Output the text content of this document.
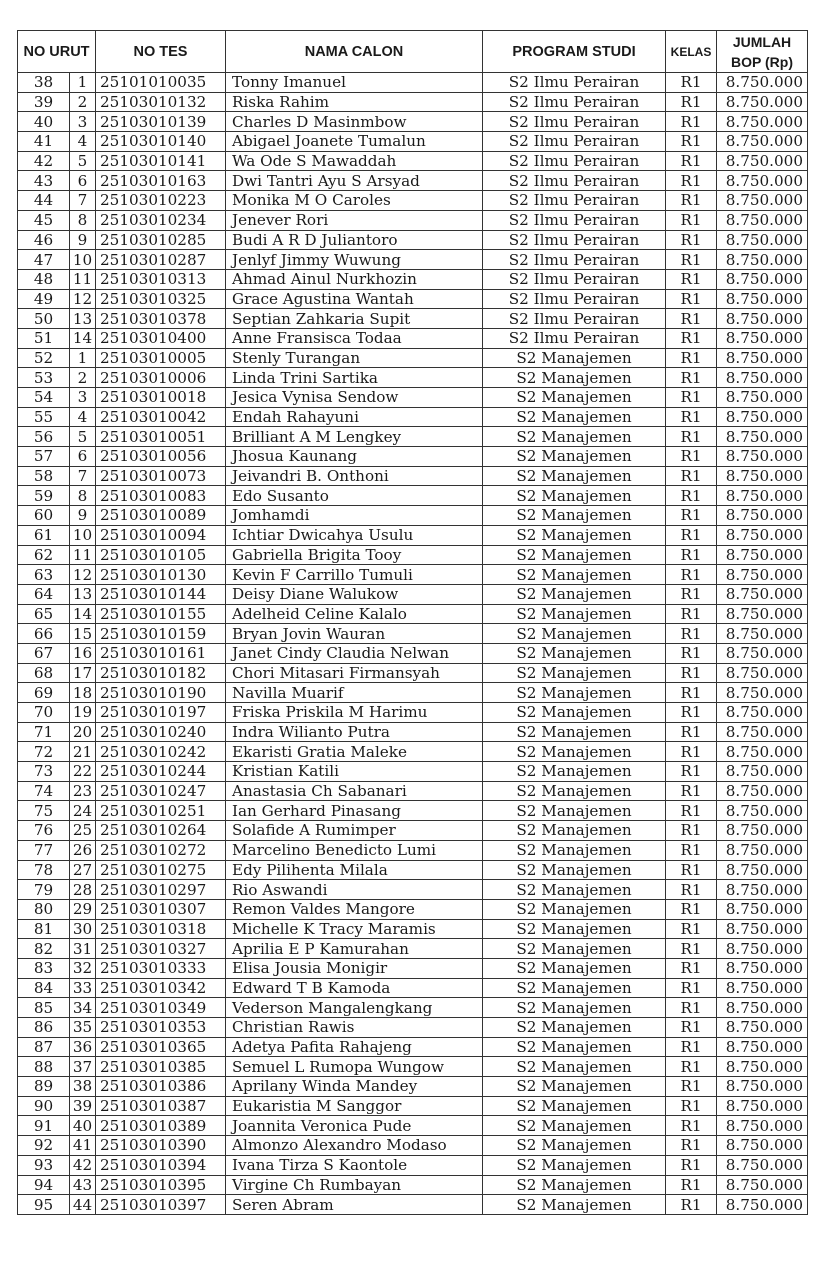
NO URUT		NO TES	NAMA CALON	PROGRAM STUDI	KELAS	JUMLAH
BOP (Rp)

38	1	25101010035	Tonny Imanuel	S2 Ilmu Perairan	R1	8.750.000
39	2	25103010132	Riska Rahim	S2 Ilmu Perairan	R1	8.750.000
40	3	25103010139	Charles D Masinmbow	S2 Ilmu Perairan	R1	8.750.000
41	4	25103010140	Abigael Joanete Tumalun	S2 Ilmu Perairan	R1	8.750.000
42	5	25103010141	Wa Ode S Mawaddah	S2 Ilmu Perairan	R1	8.750.000
43	6	25103010163	Dwi Tantri Ayu S Arsyad	S2 Ilmu Perairan	R1	8.750.000
44	7	25103010223	Monika M O Caroles	S2 Ilmu Perairan	R1	8.750.000
45	8	25103010234	Jenever Rori	S2 Ilmu Perairan	R1	8.750.000
46	9	25103010285	Budi A R D Juliantoro	S2 Ilmu Perairan	R1	8.750.000
47	10	25103010287	Jenlyf Jimmy Wuwung	S2 Ilmu Perairan	R1	8.750.000
48	11	25103010313	Ahmad Ainul Nurkhozin	S2 Ilmu Perairan	R1	8.750.000
49	12	25103010325	Grace Agustina Wantah	S2 Ilmu Perairan	R1	8.750.000
50	13	25103010378	Septian Zahkaria Supit	S2 Ilmu Perairan	R1	8.750.000
51	14	25103010400	Anne Fransisca Todaa	S2 Ilmu Perairan	R1	8.750.000
52	1	25103010005	Stenly Turangan	S2 Manajemen	R1	8.750.000
53	2	25103010006	Linda Trini Sartika	S2 Manajemen	R1	8.750.000
54	3	25103010018	Jesica Vynisa Sendow	S2 Manajemen	R1	8.750.000
55	4	25103010042	Endah Rahayuni	S2 Manajemen	R1	8.750.000
56	5	25103010051	Brilliant A M Lengkey	S2 Manajemen	R1	8.750.000
57	6	25103010056	Jhosua Kaunang	S2 Manajemen	R1	8.750.000
58	7	25103010073	Jeivandri B. Onthoni	S2 Manajemen	R1	8.750.000
59	8	25103010083	Edo Susanto	S2 Manajemen	R1	8.750.000
60	9	25103010089	Jomhamdi	S2 Manajemen	R1	8.750.000
61	10	25103010094	Ichtiar Dwicahya Usulu	S2 Manajemen	R1	8.750.000
62	11	25103010105	Gabriella Brigita Tooy	S2 Manajemen	R1	8.750.000
63	12	25103010130	Kevin F Carrillo Tumuli	S2 Manajemen	R1	8.750.000
64	13	25103010144	Deisy Diane Walukow	S2 Manajemen	R1	8.750.000
65	14	25103010155	Adelheid Celine Kalalo	S2 Manajemen	R1	8.750.000
66	15	25103010159	Bryan Jovin Wauran	S2 Manajemen	R1	8.750.000
67	16	25103010161	Janet Cindy Claudia Nelwan	S2 Manajemen	R1	8.750.000
68	17	25103010182	Chori Mitasari Firmansyah	S2 Manajemen	R1	8.750.000
69	18	25103010190	Navilla Muarif	S2 Manajemen	R1	8.750.000
70	19	25103010197	Friska Priskila M Harimu	S2 Manajemen	R1	8.750.000
71	20	25103010240	Indra Wilianto Putra	S2 Manajemen	R1	8.750.000
72	21	25103010242	Ekaristi Gratia Maleke	S2 Manajemen	R1	8.750.000
73	22	25103010244	Kristian Katili	S2 Manajemen	R1	8.750.000
74	23	25103010247	Anastasia Ch Sabanari	S2 Manajemen	R1	8.750.000
75	24	25103010251	Ian Gerhard Pinasang	S2 Manajemen	R1	8.750.000
76	25	25103010264	Solafide A Rumimper	S2 Manajemen	R1	8.750.000
77	26	25103010272	Marcelino Benedicto Lumi	S2 Manajemen	R1	8.750.000
78	27	25103010275	Edy Pilihenta Milala	S2 Manajemen	R1	8.750.000
79	28	25103010297	Rio Aswandi	S2 Manajemen	R1	8.750.000
80	29	25103010307	Remon Valdes Mangore	S2 Manajemen	R1	8.750.000
81	30	25103010318	Michelle K Tracy Maramis	S2 Manajemen	R1	8.750.000
82	31	25103010327	Aprilia E P Kamurahan	S2 Manajemen	R1	8.750.000
83	32	25103010333	Elisa Jousia Monigir	S2 Manajemen	R1	8.750.000
84	33	25103010342	Edward T B Kamoda	S2 Manajemen	R1	8.750.000
85	34	25103010349	Vederson Mangalengkang	S2 Manajemen	R1	8.750.000
86	35	25103010353	Christian Rawis	S2 Manajemen	R1	8.750.000
87	36	25103010365	Adetya Pafita Rahajeng	S2 Manajemen	R1	8.750.000
88	37	25103010385	Semuel L Rumopa Wungow	S2 Manajemen	R1	8.750.000
89	38	25103010386	Aprilany Winda Mandey	S2 Manajemen	R1	8.750.000
90	39	25103010387	Eukaristia M Sanggor	S2 Manajemen	R1	8.750.000
91	40	25103010389	Joannita Veronica Pude	S2 Manajemen	R1	8.750.000
92	41	25103010390	Almonzo Alexandro Modaso	S2 Manajemen	R1	8.750.000
93	42	25103010394	Ivana Tirza S Kaontole	S2 Manajemen	R1	8.750.000
94	43	25103010395	Virgine Ch Rumbayan	S2 Manajemen	R1	8.750.000
95	44	25103010397	Seren Abram	S2 Manajemen	R1	8.750.000
